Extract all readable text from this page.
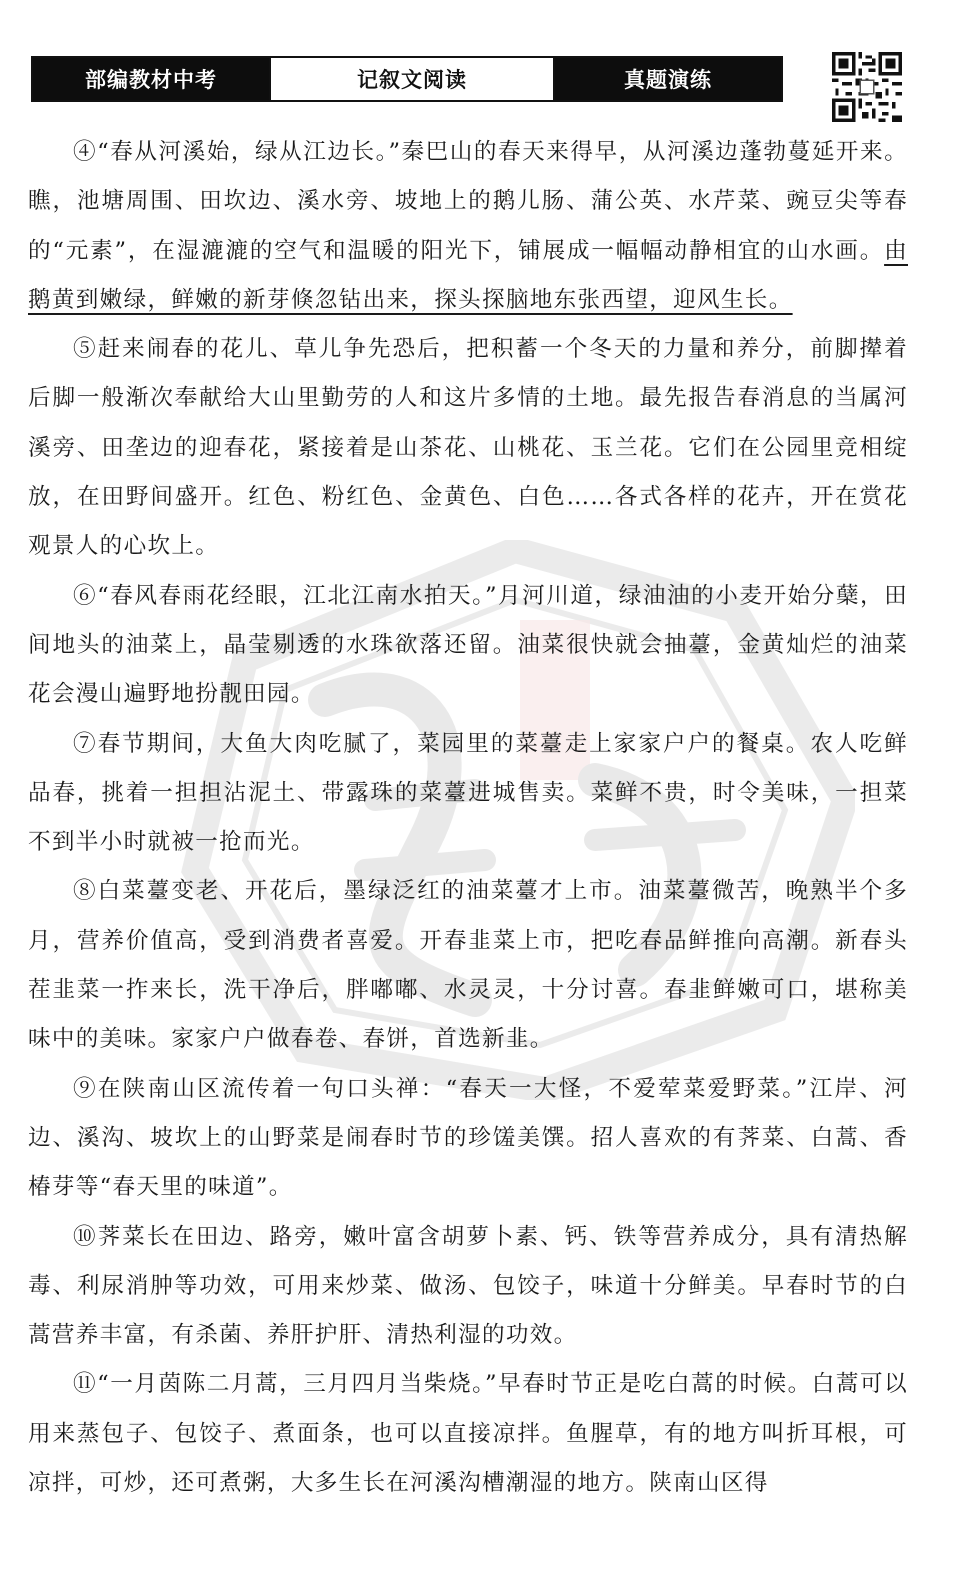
部编教材中考	记叙文阅读	真题演练

④“春从河溪始，绿从江边长。”秦巴山的春天来得早，从河溪边蓬勃蔓延开来。瞧，池塘周围、田坎边、溪水旁、坡地上的鹅儿肠、蒲公英、水芹菜、豌豆尖等春的“元素”，在湿漉漉的空气和温暖的阳光下，铺展成一幅幅动静相宜的山水画。由鹅黄到嫩绿，鲜嫩的新芽倏忽钻出来，探头探脑地东张西望，迎风生长。

⑤赶来闹春的花儿、草儿争先恐后，把积蓄一个冬天的力量和养分，前脚撵着后脚一般渐次奉献给大山里勤劳的人和这片多情的土地。最先报告春消息的当属河溪旁、田垄边的迎春花，紧接着是山茶花、山桃花、玉兰花。它们在公园里竞相绽放，在田野间盛开。红色、粉红色、金黄色、白色……各式各样的花卉，开在赏花观景人的心坎上。

⑥“春风春雨花经眼，江北江南水拍天。”月河川道，绿油油的小麦开始分蘖，田间地头的油菜上，晶莹剔透的水珠欲落还留。油菜很快就会抽薹，金黄灿烂的油菜花会漫山遍野地扮靓田园。

⑦春节期间，大鱼大肉吃腻了，菜园里的菜薹走上家家户户的餐桌。农人吃鲜品春，挑着一担担沾泥土、带露珠的菜薹进城售卖。菜鲜不贵，时令美味，一担菜不到半小时就被一抢而光。

⑧白菜薹变老、开花后，墨绿泛红的油菜薹才上市。油菜薹微苦，晚熟半个多月，营养价值高，受到消费者喜爱。开春韭菜上市，把吃春品鲜推向高潮。新春头茬韭菜一拃来长，洗干净后，胖嘟嘟、水灵灵，十分讨喜。春韭鲜嫩可口，堪称美味中的美味。家家户户做春卷、春饼，首选新韭。

⑨在陕南山区流传着一句口头禅：“春天一大怪，不爱荤菜爱野菜。”江岸、河边、溪沟、坡坎上的山野菜是闹春时节的珍馐美馔。招人喜欢的有荠菜、白蒿、香椿芽等“春天里的味道”。

⑩荠菜长在田边、路旁，嫩叶富含胡萝卜素、钙、铁等营养成分，具有清热解毒、利尿消肿等功效，可用来炒菜、做汤、包饺子，味道十分鲜美。早春时节的白蒿营养丰富，有杀菌、养肝护肝、清热利湿的功效。

⑪“一月茵陈二月蒿，三月四月当柴烧。”早春时节正是吃白蒿的时候。白蒿可以用来蒸包子、包饺子、煮面条，也可以直接凉拌。鱼腥草，有的地方叫折耳根，可凉拌，可炒，还可煮粥，大多生长在河溪沟槽潮湿的地方。陕南山区得
